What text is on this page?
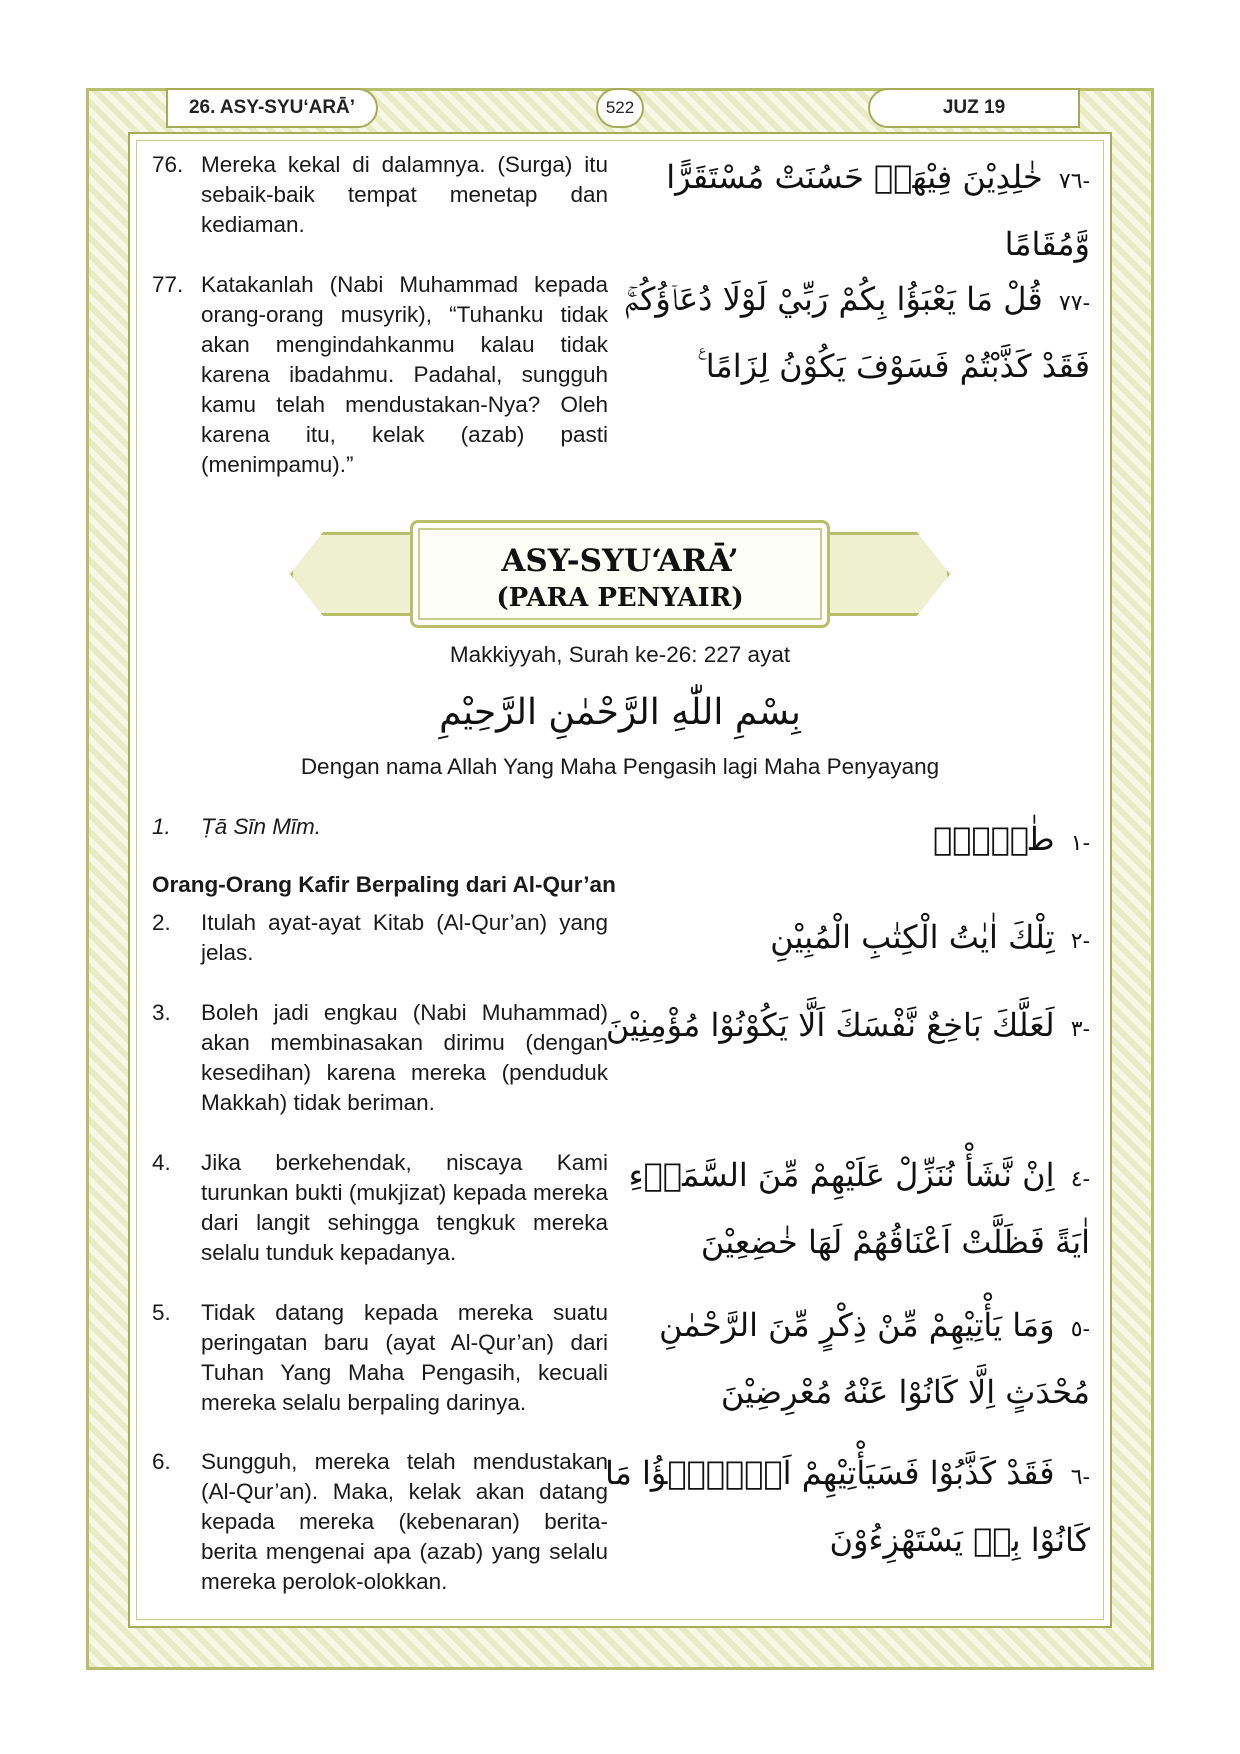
26. ASY-SYU‘ARĀ’	522	JUZ 19
76. Mereka kekal di dalamnya. (Surga) itu sebaik-baik tempat menetap dan kediaman.
-٧٦ خٰلِدِيْنَ فِيْهَاۗ حَسُنَتْ مُسْتَقَرًّا وَّمُقَامًا
77. Katakanlah (Nabi Muhammad kepada orang-orang musyrik), “Tuhanku tidak akan mengindahkanmu kalau tidak karena ibadahmu. Padahal, sungguh kamu telah mendustakan-Nya? Oleh karena itu, kelak (azab) pasti (menimpamu).”
-٧٧ قُلْ مَا يَعْبَؤُا بِكُمْ رَبِّيْ لَوْلَا دُعَاۤؤُكُمْۚ فَقَدْ كَذَّبْتُمْ فَسَوْفَ يَكُوْنُ لِزَامًا ࣖ
ASY-SYU‘ARĀ’
(PARA PENYAIR)
Makkiyyah, Surah ke-26: 227 ayat
بِسْمِ اللّٰهِ الرَّحْمٰنِ الرَّحِيْمِ
Dengan nama Allah Yang Maha Pengasih lagi Maha Penyayang
1.	Ṭā Sīn Mīm.
-١ طٰسۤمّۤ
Orang-Orang Kafir Berpaling dari Al-Qur’an
2.	Itulah ayat-ayat Kitab (Al-Qur’an) yang jelas.	-٢ تِلْكَ اٰيٰتُ الْكِتٰبِ الْمُبِيْنِ
3.	Boleh jadi engkau (Nabi Muhammad) akan membinasakan dirimu (dengan kesedihan) karena mereka (penduduk Makkah) tidak beriman.
-٣ لَعَلَّكَ بَاخِعٌ نَّفْسَكَ اَلَّا يَكُوْنُوْا مُؤْمِنِيْنَ
4.	Jika berkehendak, niscaya Kami turunkan bukti (mukjizat) kepada mereka dari langit sehingga tengkuk mereka selalu tunduk kepadanya.
-٤ اِنْ نَّشَأْ نُنَزِّلْ عَلَيْهِمْ مِّنَ السَّمَاۤءِ اٰيَةً فَظَلَّتْ اَعْنَاقُهُمْ لَهَا خٰضِعِيْنَ
5.	Tidak datang kepada mereka suatu peringatan baru (ayat Al-Qur’an) dari Tuhan Yang Maha Pengasih, kecuali mereka selalu berpaling darinya.
-٥ وَمَا يَأْتِيْهِمْ مِّنْ ذِكْرٍ مِّنَ الرَّحْمٰنِ مُحْدَثٍ اِلَّا كَانُوْا عَنْهُ مُعْرِضِيْنَ
6.	Sungguh, mereka telah mendustakan (Al-Qur’an). Maka, kelak akan datang kepada mereka (kebenaran) berita-berita mengenai apa (azab) yang selalu mereka perolok-olokkan.
-٦ فَقَدْ كَذَّبُوْا فَسَيَأْتِيْهِمْ اَنْۢبٰۤؤُا مَا كَانُوْا بِهٖ يَسْتَهْزِءُوْنَ
